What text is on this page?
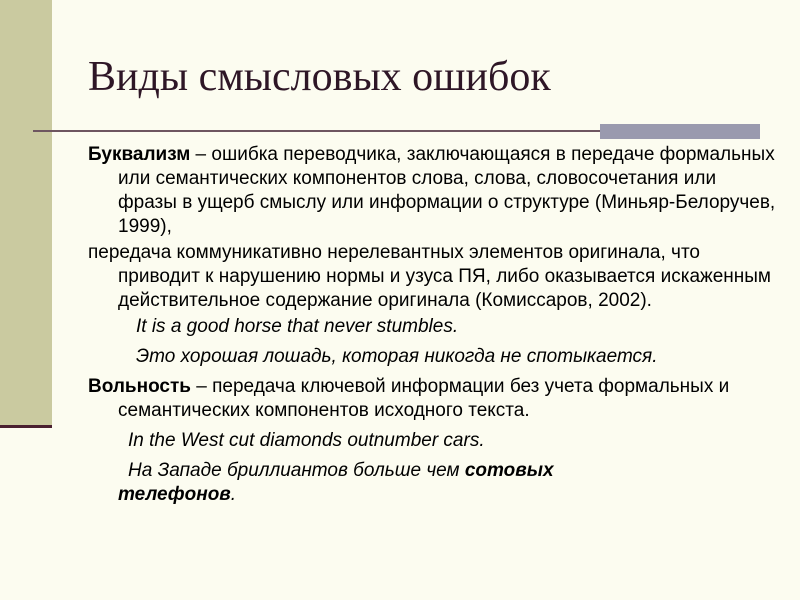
Виды смысловых ошибок

Буквализм – ошибка переводчика, заключающаяся в передаче формальных или семантических компонентов слова, слова, словосочетания или фразы в ущерб смыслу или информации о структуре (Миньяр-Белоручев, 1999),

передача коммуникативно нерелевантных элементов оригинала, что приводит к нарушению нормы и узуса ПЯ, либо оказывается искаженным действительное содержание оригинала (Комиссаров, 2002).

It is a good horse that never stumbles.

Это хорошая лошадь, которая никогда не спотыкается.

Вольность – передача ключевой информации без учета формальных и семантических компонентов исходного текста.

In the West cut diamonds outnumber cars.

На Западе бриллиантов больше чем сотовых
телефонов.
